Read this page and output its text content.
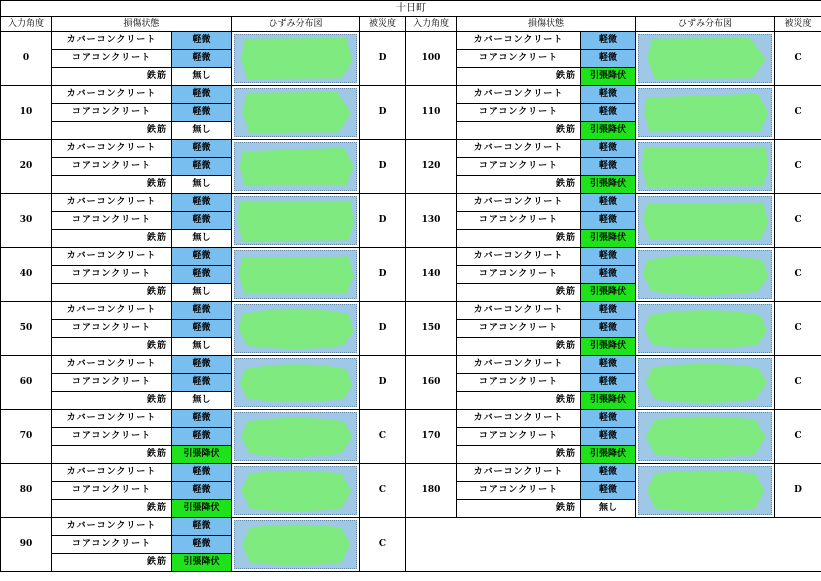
十日町									
入力角度	損傷状態		ひずみ分布図	被災度	入力角度	損傷状態		ひずみ分布図	被災度
0	カバーコンクリート	軽微		D	100	カバーコンクリート	軽微		C
	コアコンクリート	軽微				コアコンクリート	軽微		
	鉄筋	無し				鉄筋	引張降伏		
10	カバーコンクリート	軽微		D	110	カバーコンクリート	軽微		C
	コアコンクリート	軽微				コアコンクリート	軽微		
	鉄筋	無し				鉄筋	引張降伏		
20	カバーコンクリート	軽微		D	120	カバーコンクリート	軽微		C
	コアコンクリート	軽微				コアコンクリート	軽微		
	鉄筋	無し				鉄筋	引張降伏		
30	カバーコンクリート	軽微		D	130	カバーコンクリート	軽微		C
	コアコンクリート	軽微				コアコンクリート	軽微		
	鉄筋	無し				鉄筋	引張降伏		
40	カバーコンクリート	軽微		D	140	カバーコンクリート	軽微		C
	コアコンクリート	軽微				コアコンクリート	軽微		
	鉄筋	無し				鉄筋	引張降伏		
50	カバーコンクリート	軽微		D	150	カバーコンクリート	軽微		C
	コアコンクリート	軽微				コアコンクリート	軽微		
	鉄筋	無し				鉄筋	引張降伏		
60	カバーコンクリート	軽微		D	160	カバーコンクリート	軽微		C
	コアコンクリート	軽微				コアコンクリート	軽微		
	鉄筋	無し				鉄筋	引張降伏		
70	カバーコンクリート	軽微		C	170	カバーコンクリート	軽微		C
	コアコンクリート	軽微				コアコンクリート	軽微		
	鉄筋	引張降伏				鉄筋	引張降伏		
80	カバーコンクリート	軽微		C	180	カバーコンクリート	軽微		D
	コアコンクリート	軽微				コアコンクリート	軽微		
	鉄筋	引張降伏				鉄筋	無し		
90	カバーコンクリート	軽微		C					
	コアコンクリート	軽微							
	鉄筋	引張降伏							
